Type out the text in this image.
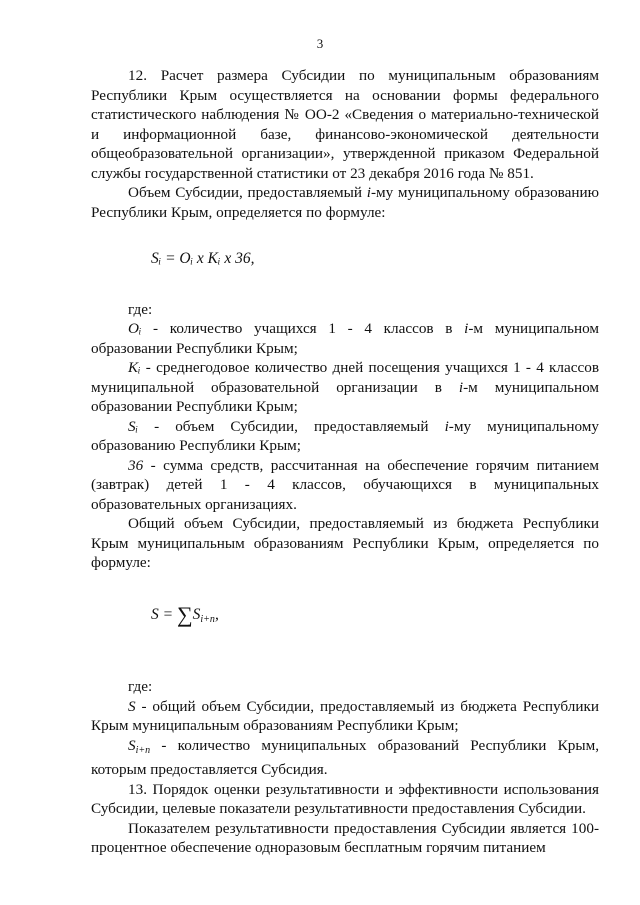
3

12. Расчет размера Субсидии по муниципальным образованиям Республики Крым осуществляется на основании формы федерального статистического наблюдения № ОО-2 «Сведения о материально-технической и информационной базе, финансово-экономической деятельности общеобразовательной организации», утвержденной приказом Федеральной службы государственной статистики от 23 декабря 2016 года № 851.

Объем Субсидии, предоставляемый i-му муниципальному образованию Республики Крым, определяется по формуле:

Sᵢ = Oᵢ x Kᵢ x 36,

где:

Oᵢ - количество учащихся 1 - 4 классов в i-м муниципальном образовании Республики Крым;

Kᵢ - среднегодовое количество дней посещения учащихся 1 - 4 классов муниципальной образовательной организации в i-м муниципальном образовании Республики Крым;

Sᵢ - объем Субсидии, предоставляемый i-му муниципальному образованию Республики Крым;

36 - сумма средств, рассчитанная на обеспечение горячим питанием (завтрак) детей 1 - 4 классов, обучающихся в муниципальных образовательных организациях.

Общий объем Субсидии, предоставляемый из бюджета Республики Крым муниципальным образованиям Республики Крым, определяется по формуле:

$S = \sum S_{i+n}$,

где:

S - общий объем Субсидии, предоставляемый из бюджета Республики Крым муниципальным образованиям Республики Крым;

$S_{i+n}$ - количество муниципальных образований Республики Крым, которым предоставляется Субсидия.

13. Порядок оценки результативности и эффективности использования Субсидии, целевые показатели результативности предоставления Субсидии.

Показателем результативности предоставления Субсидии является 100-процентное обеспечение одноразовым бесплатным горячим питанием
